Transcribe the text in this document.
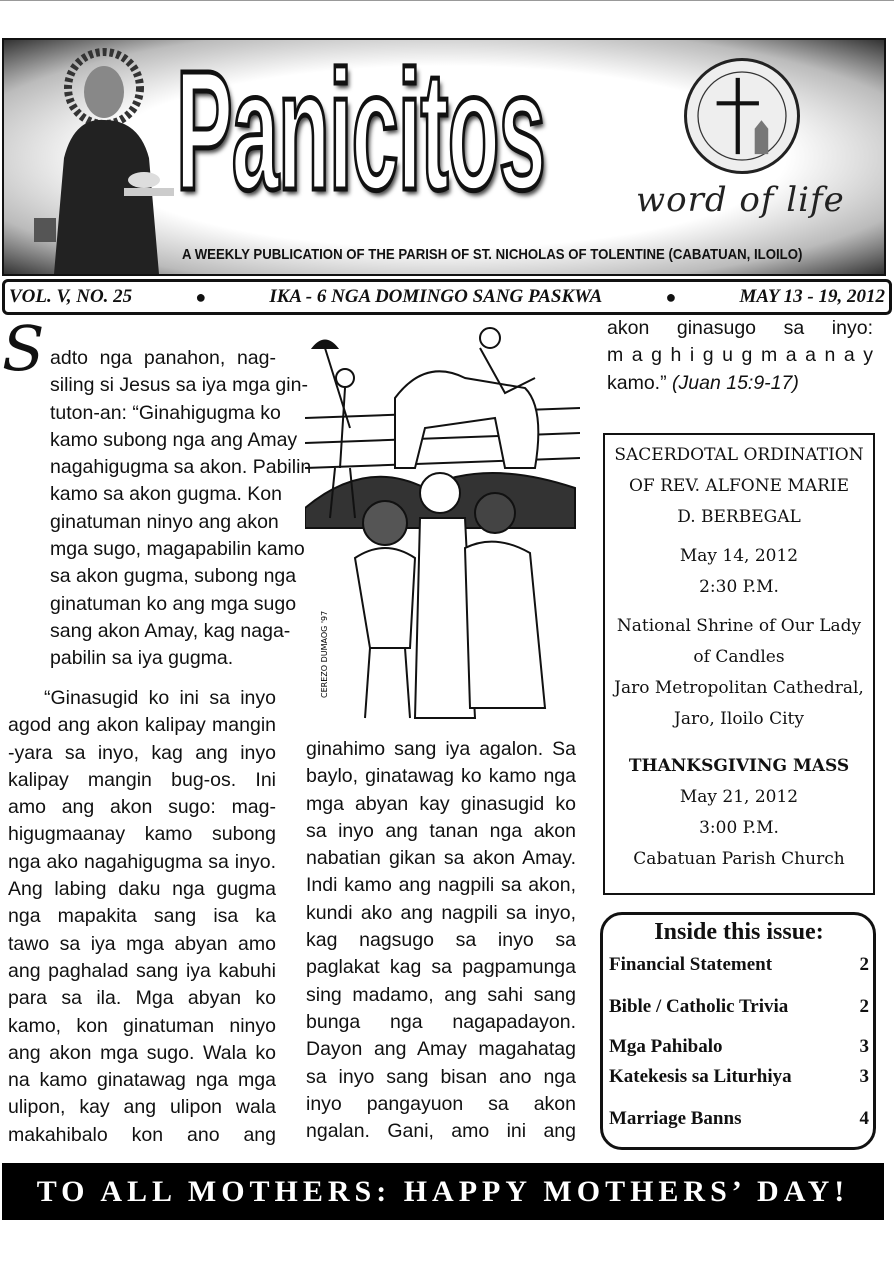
Panicitos	word of life
A WEEKLY PUBLICATION OF THE PARISH OF ST. NICHOLAS OF TOLENTINE (CABATUAN, ILOILO)
VOL. V, NO. 25	●	IKA - 6 NGA DOMINGO SANG PASKWA	●	MAY 13 - 19, 2012
S adto nga panahon, nag-
siling si Jesus sa iya mga gin-
tuton-an: “Ginahigugma ko
kamo subong nga ang Amay
nagahigugma sa akon. Pabilin
kamo sa akon gugma. Kon
ginatuman ninyo ang akon
mga sugo, magapabilin kamo
sa akon gugma, subong nga
ginatuman ko ang mga sugo
sang akon Amay, kag naga-
pabilin sa iya gugma.
“Ginasugid ko ini sa inyo
agod ang akon kalipay mangin
-yara sa inyo, kag ang inyo
kalipay mangin bug-os. Ini
amo ang akon sugo: mag-
higugmaanay kamo subong
nga ako nagahigugma sa inyo.
Ang labing daku nga gugma
nga mapakita sang isa ka
tawo sa iya mga abyan amo
ang paghalad sang iya kabuhi
para sa ila. Mga abyan ko
kamo, kon ginatuman ninyo
ang akon mga sugo. Wala ko
na kamo ginatawag nga mga
ulipon, kay ang ulipon wala
makahibalo kon ano ang
ginahimo sang iya agalon. Sa
baylo, ginatawag ko kamo nga
mga abyan kay ginasugid ko
sa inyo ang tanan nga akon
nabatian gikan sa akon Amay.
Indi kamo ang nagpili sa akon,
kundi ako ang nagpili sa inyo,
kag nagsugo sa inyo sa
paglakat kag sa pagpamunga
sing madamo, ang sahi sang
bunga nga nagapadayon.
Dayon ang Amay magahatag
sa inyo sang bisan ano nga
inyo pangayuon sa akon
ngalan. Gani, amo ini ang
akon ginasugo sa inyo:
m a g h i g u g m a a n a y
kamo.” (Juan 15:9-17)
CEREZO DUMAOG '97
SACERDOTAL ORDINATION
OF REV. ALFONE MARIE
D. BERBEGAL
May 14, 2012
2:30 P.M.
National Shrine of Our Lady
of Candles
Jaro Metropolitan Cathedral,
Jaro, Iloilo City
THANKSGIVING MASS
May 21, 2012
3:00 P.M.
Cabatuan Parish Church
Inside this issue:
Financial Statement	2
Bible / Catholic Trivia	2
Mga Pahibalo	3
Katekesis sa Liturhiya	3
Marriage Banns	4
TO ALL MOTHERS: HAPPY MOTHERS’ DAY!
